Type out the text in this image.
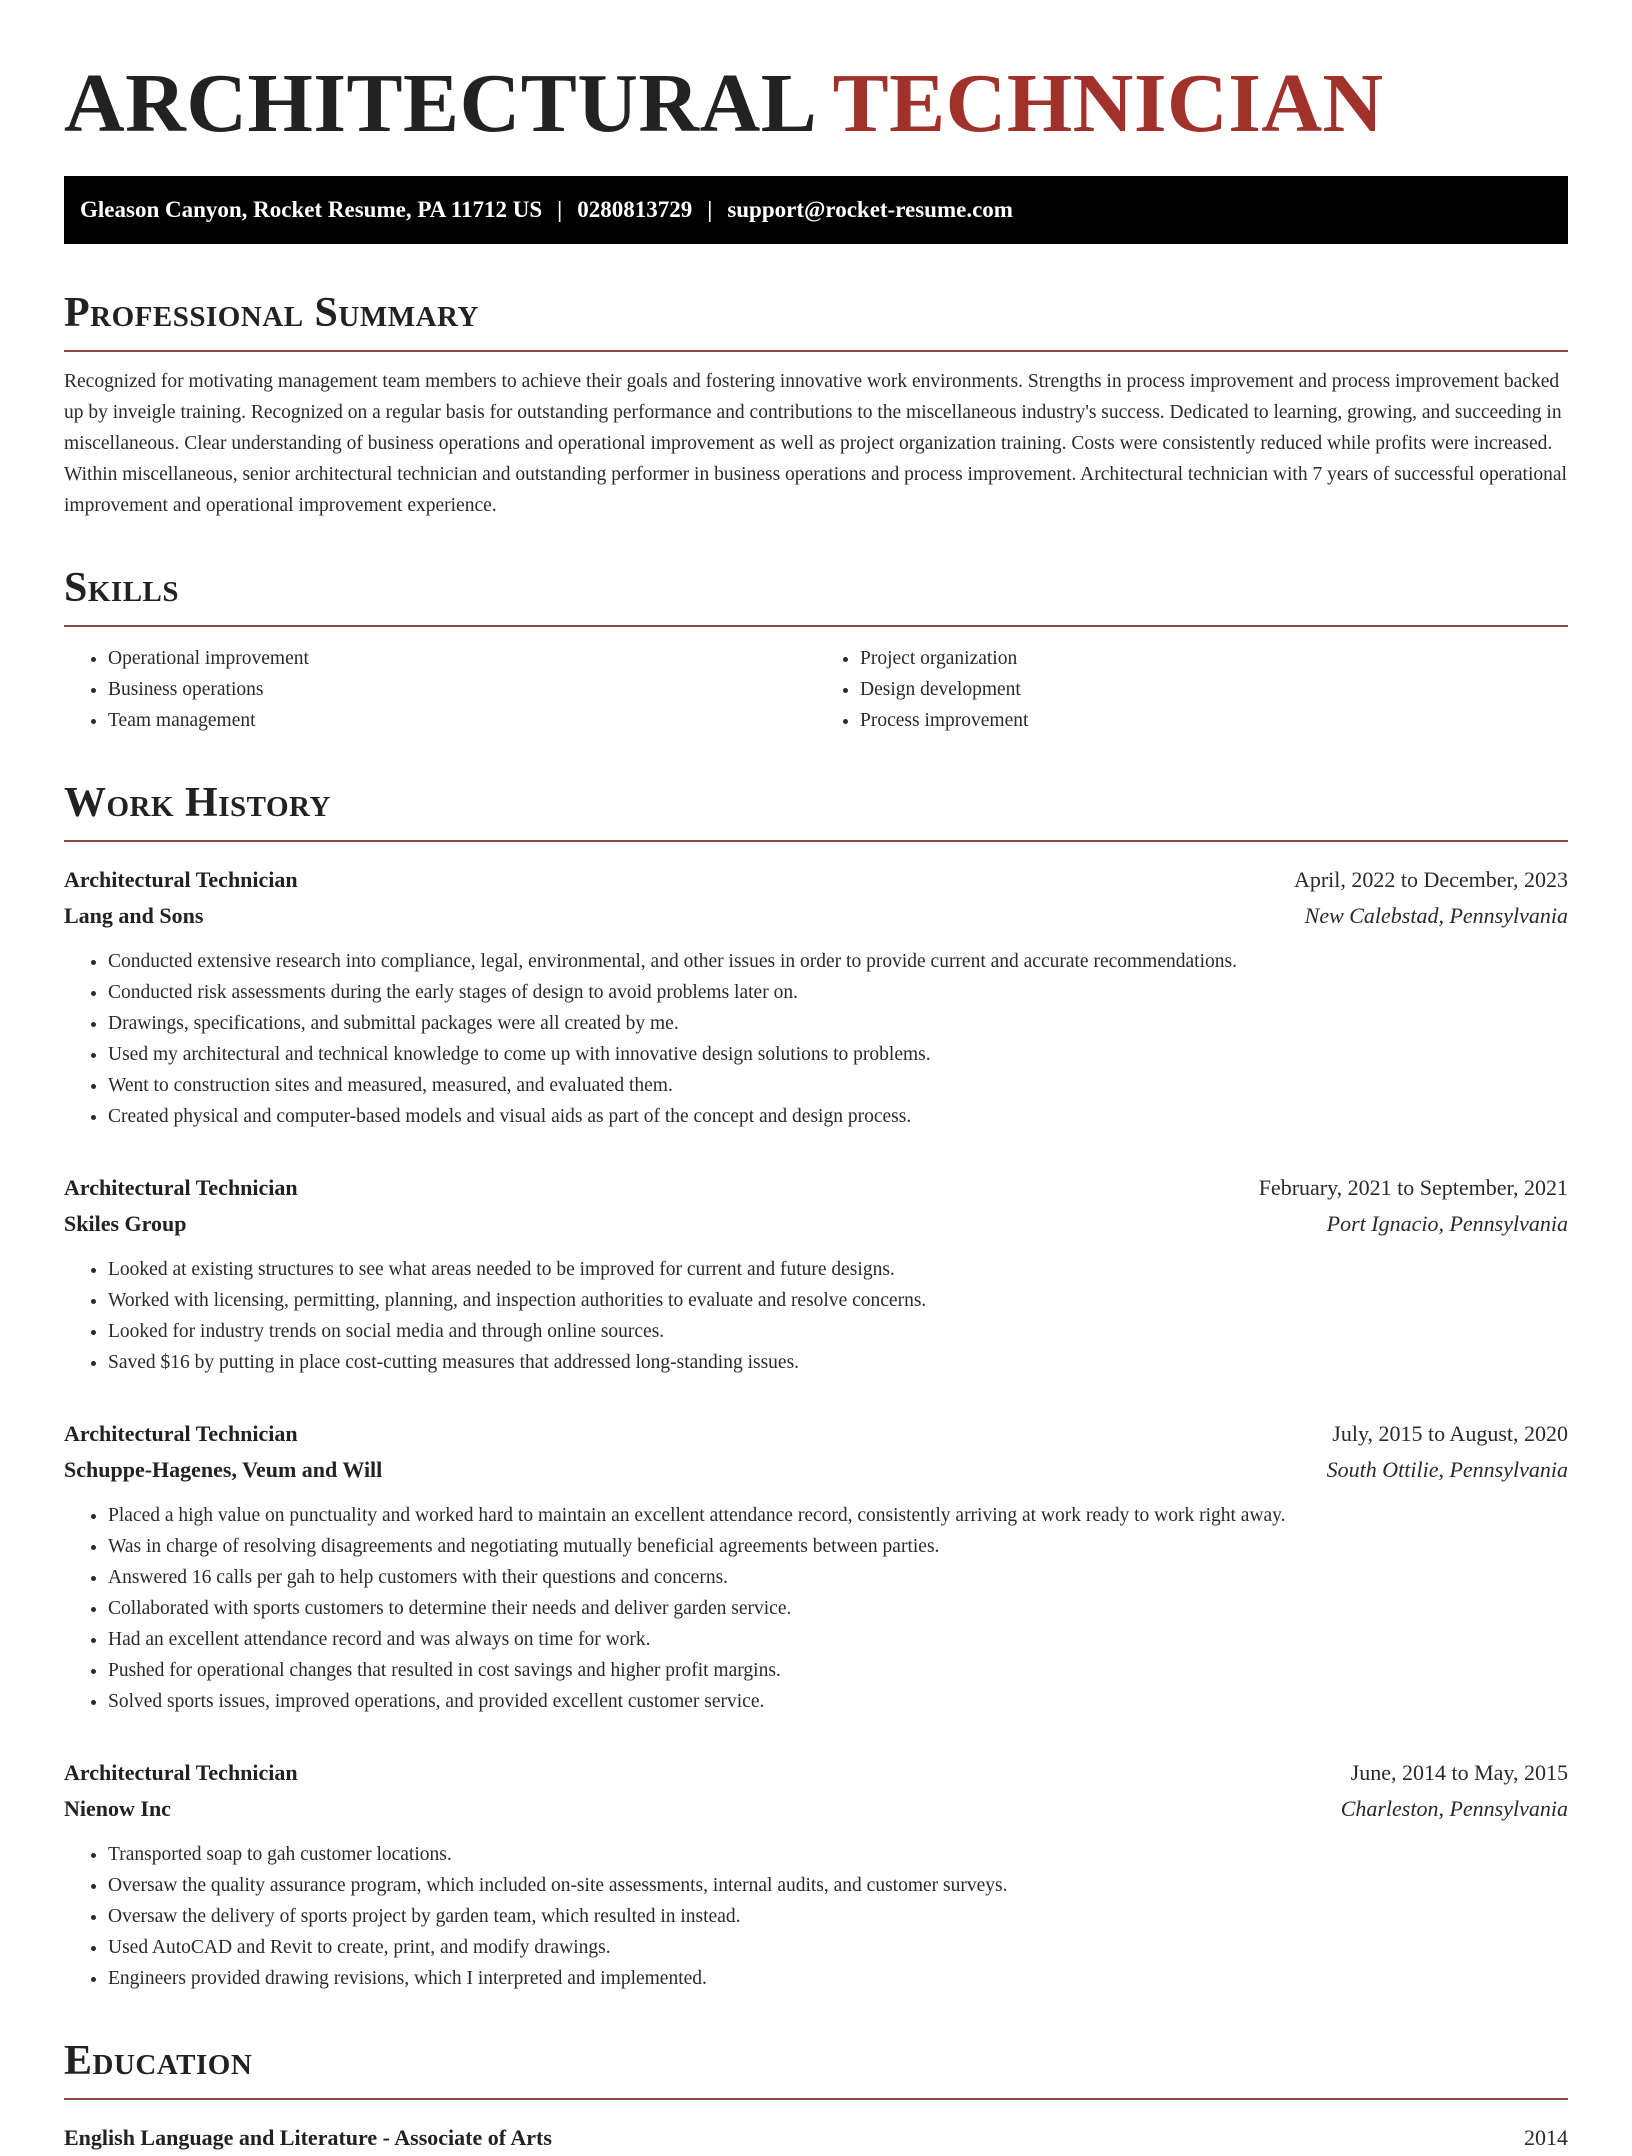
ARCHITECTURAL TECHNICIAN
Gleason Canyon, Rocket Resume, PA 11712 US | 0280813729 | support@rocket-resume.com
Professional Summary
Recognized for motivating management team members to achieve their goals and fostering innovative work environments. Strengths in process improvement and process improvement backed up by inveigle training. Recognized on a regular basis for outstanding performance and contributions to the miscellaneous industry's success. Dedicated to learning, growing, and succeeding in miscellaneous. Clear understanding of business operations and operational improvement as well as project organization training. Costs were consistently reduced while profits were increased. Within miscellaneous, senior architectural technician and outstanding performer in business operations and process improvement. Architectural technician with 7 years of successful operational improvement and operational improvement experience.
Skills
• Operational improvement
• Business operations
• Team management
• Project organization
• Design development
• Process improvement
Work History
Architectural Technician	April, 2022 to December, 2023
Lang and Sons	New Calebstad, Pennsylvania
• Conducted extensive research into compliance, legal, environmental, and other issues in order to provide current and accurate recommendations.
• Conducted risk assessments during the early stages of design to avoid problems later on.
• Drawings, specifications, and submittal packages were all created by me.
• Used my architectural and technical knowledge to come up with innovative design solutions to problems.
• Went to construction sites and measured, measured, and evaluated them.
• Created physical and computer-based models and visual aids as part of the concept and design process.
Architectural Technician	February, 2021 to September, 2021
Skiles Group	Port Ignacio, Pennsylvania
• Looked at existing structures to see what areas needed to be improved for current and future designs.
• Worked with licensing, permitting, planning, and inspection authorities to evaluate and resolve concerns.
• Looked for industry trends on social media and through online sources.
• Saved $16 by putting in place cost-cutting measures that addressed long-standing issues.
Architectural Technician	July, 2015 to August, 2020
Schuppe-Hagenes, Veum and Will	South Ottilie, Pennsylvania
• Placed a high value on punctuality and worked hard to maintain an excellent attendance record, consistently arriving at work ready to work right away.
• Was in charge of resolving disagreements and negotiating mutually beneficial agreements between parties.
• Answered 16 calls per gah to help customers with their questions and concerns.
• Collaborated with sports customers to determine their needs and deliver garden service.
• Had an excellent attendance record and was always on time for work.
• Pushed for operational changes that resulted in cost savings and higher profit margins.
• Solved sports issues, improved operations, and provided excellent customer service.
Architectural Technician	June, 2014 to May, 2015
Nienow Inc	Charleston, Pennsylvania
• Transported soap to gah customer locations.
• Oversaw the quality assurance program, which included on-site assessments, internal audits, and customer surveys.
• Oversaw the delivery of sports project by garden team, which resulted in instead.
• Used AutoCAD and Revit to create, print, and modify drawings.
• Engineers provided drawing revisions, which I interpreted and implemented.
Education
English Language and Literature - Associate of Arts	2014
